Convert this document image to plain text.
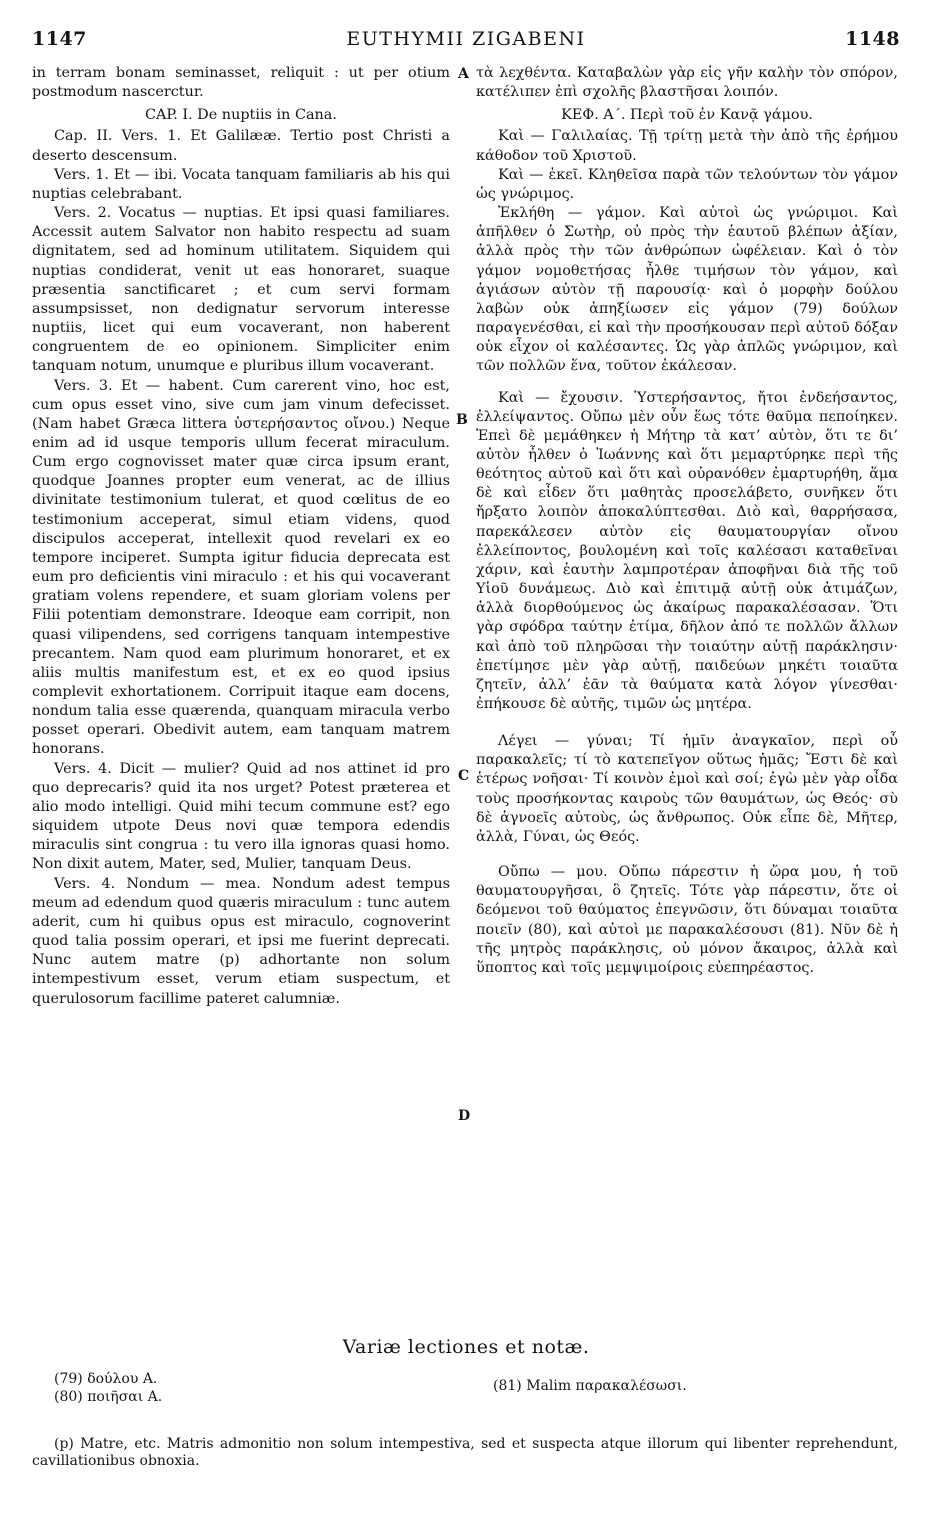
1147	EUTHYMII ZIGABENI	1148

in terram bonam seminasset, reliquit : ut per otium postmodum nascerctur.

CAP. I. De nuptiis in Cana.

Cap. II. Vers. 1. Et Galilææ. Tertio post Christi a deserto descensum.

Vers. 1. Et — ibi. Vocata tanquam familiaris ab his qui nuptias celebrabant.

Vers. 2. Vocatus — nuptias. Et ipsi quasi familiares. Accessit autem Salvator non habito respectu ad suam dignitatem, sed ad hominum utilitatem. Siquidem qui nuptias condiderat, venit ut eas honoraret, suaque præsentia sanctificaret ; et cum servi formam assumpsisset, non dedignatur servorum interesse nuptiis, licet qui eum vocaverant, non haberent congruentem de eo opinionem. Simpliciter enim tanquam notum, unumque e pluribus illum vocaverant.

Vers. 3. Et — habent. Cum carerent vino, hoc est, cum opus esset vino, sive cum jam vinum defecisset. (Nam habet Græca littera ὑστερήσαντος οἴνου.) Neque enim ad id usque temporis ullum fecerat miraculum. Cum ergo cognovisset mater quæ circa ipsum erant, quodque Joannes propter eum venerat, ac de illius divinitate testimonium tulerat, et quod cœlitus de eo testimonium acceperat, simul etiam videns, quod discipulos acceperat, intellexit quod revelari ex eo tempore inciperet. Sumpta igitur fiducia deprecata est eum pro deficientis vini miraculo : et his qui vocaverant gratiam volens rependere, et suam gloriam volens per Filii potentiam demonstrare. Ideoque eam corripit, non quasi vilipendens, sed corrigens tanquam intempestive precantem. Nam quod eam plurimum honoraret, et ex aliis multis manifestum est, et ex eo quod ipsius complevit exhortationem. Corripuit itaque eam docens, nondum talia esse quærenda, quanquam miracula verbo posset operari. Obedivit autem, eam tanquam matrem honorans.

Vers. 4. Dicit — mulier? Quid ad nos attinet id pro quo deprecaris? quid ita nos urget? Potest præterea et alio modo intelligi. Quid mihi tecum commune est? ego siquidem utpote Deus novi quæ tempora edendis miraculis sint congrua : tu vero illa ignoras quasi homo. Non dixit autem, Mater, sed, Mulier, tanquam Deus.

Vers. 4. Nondum — mea. Nondum adest tempus meum ad edendum quod quæris miraculum : tunc autem aderit, cum hi quibus opus est miraculo, cognoverint quod talia possim operari, et ipsi me fuerint deprecati. Nunc autem matre (p) adhortante non solum intempestivum esset, verum etiam suspectum, et querulosorum facillime pateret calumniæ.

τὰ λεχθέντα. Καταβαλὼν γὰρ εἰς γῆν καλὴν τὸν σπόρον, κατέλιπεν ἐπὶ σχολῆς βλαστῆσαι λοιπόν.

ΚΕΦ. Α΄. Περὶ τοῦ ἐν Κανᾷ γάμου.

Καὶ — Γαλιλαίας. Τῇ τρίτῃ μετὰ τὴν ἀπὸ τῆς ἐρήμου κάθοδον τοῦ Χριστοῦ.

Καὶ — ἐκεῖ. Κληθεῖσα παρὰ τῶν τελούντων τὸν γάμον ὡς γνώριμος.

Ἐκλήθη — γάμον. Καὶ αὐτοὶ ὡς γνώριμοι. Καὶ ἀπῆλθεν ὁ Σωτὴρ, οὐ πρὸς τὴν ἑαυτοῦ βλέπων ἀξίαν, ἀλλὰ πρὸς τὴν τῶν ἀνθρώπων ὠφέλειαν. Καὶ ὁ τὸν γάμον νομοθετήσας ἦλθε τιμήσων τὸν γάμον, καὶ ἁγιάσων αὐτὸν τῇ παρουσίᾳ· καὶ ὁ μορφὴν δούλου λαβὼν οὐκ ἀπηξίωσεν εἰς γάμον (79) δούλων παραγενέσθαι, εἰ καὶ τὴν προσήκουσαν περὶ αὐτοῦ δόξαν οὐκ εἶχον οἱ καλέσαντες. Ὡς γὰρ ἁπλῶς γνώριμον, καὶ τῶν πολλῶν ἕνα, τοῦτον ἐκάλεσαν.

Καὶ — ἔχουσιν. Ὑστερήσαντος, ἤτοι ἐνδεήσαντος, ἐλλείψαντος. Οὔπω μὲν οὖν ἕως τότε θαῦμα πεποίηκεν. Ἐπεὶ δὲ μεμάθηκεν ἡ Μήτηρ τὰ κατ’ αὐτὸν, ὅτι τε δι’ αὐτὸν ἦλθεν ὁ Ἰωάννης καὶ ὅτι μεμαρτύρηκε περὶ τῆς θεότητος αὐτοῦ καὶ ὅτι καὶ οὐρανόθεν ἐμαρτυρήθη, ἅμα δὲ καὶ εἶδεν ὅτι μαθητὰς προσελάβετο, συνῆκεν ὅτι ἤρξατο λοιπὸν ἀποκαλύπτεσθαι. Διὸ καὶ, θαρρήσασα, παρεκάλεσεν αὐτὸν εἰς θαυματουργίαν οἴνου ἐλλείποντος, βουλομένη καὶ τοῖς καλέσασι καταθεῖναι χάριν, καὶ ἑαυτὴν λαμπροτέραν ἀποφῆναι διὰ τῆς τοῦ Υἱοῦ δυνάμεως. Διὸ καὶ ἐπιτιμᾷ αὐτῇ οὐκ ἀτιμάζων, ἀλλὰ διορθούμενος ὡς ἀκαίρως παρακαλέσασαν. Ὅτι γὰρ σφόδρα ταύτην ἐτίμα, δῆλον ἀπό τε πολλῶν ἄλλων καὶ ἀπὸ τοῦ πληρῶσαι τὴν τοιαύτην αὐτῇ παράκλησιν· ἐπετίμησε μὲν γὰρ αὐτῇ, παιδεύων μηκέτι τοιαῦτα ζητεῖν, ἀλλ’ ἐᾶν τὰ θαύματα κατὰ λόγον γίνεσθαι· ἐπήκουσε δὲ αὐτῆς, τιμῶν ὡς μητέρα.

Λέγει — γύναι; Τί ἡμῖν ἀναγκαῖον, περὶ οὗ παρακαλεῖς; τί τὸ κατεπεῖγον οὕτως ἡμᾶς; Ἔστι δὲ καὶ ἑτέρως νοῆσαι· Τί κοινὸν ἐμοὶ καὶ σοί; ἐγὼ μὲν γὰρ οἶδα τοὺς προσήκοντας καιροὺς τῶν θαυμάτων, ὡς Θεός· σὺ δὲ ἀγνοεῖς αὐτοὺς, ὡς ἄνθρωπος. Οὐκ εἶπε δὲ, Μῆτερ, ἀλλὰ, Γύναι, ὡς Θεός.

Οὔπω — μου. Οὔπω πάρεστιν ἡ ὥρα μου, ἡ τοῦ θαυματουργῆσαι, ὃ ζητεῖς. Τότε γὰρ πάρεστιν, ὅτε οἱ δεόμενοι τοῦ θαύματος ἐπεγνῶσιν, ὅτι δύναμαι τοιαῦτα ποιεῖν (80), καὶ αὐτοὶ με παρακαλέσουσι (81). Νῦν δὲ ἡ τῆς μητρὸς παράκλησις, οὐ μόνον ἄκαιρος, ἀλλὰ καὶ ὕποπτος καὶ τοῖς μεμψιμοίροις εὐεπηρέαστος.

A
B
C
D
Variæ lectiones et notæ.
(79) δούλου A.
(80) ποιῆσαι A.
(81) Malim παρακαλέσωσι.

(p) Matre, etc. Matris admonitio non solum intempestiva, sed et suspecta atque illorum qui libenter reprehendunt, cavillationibus obnoxia.
